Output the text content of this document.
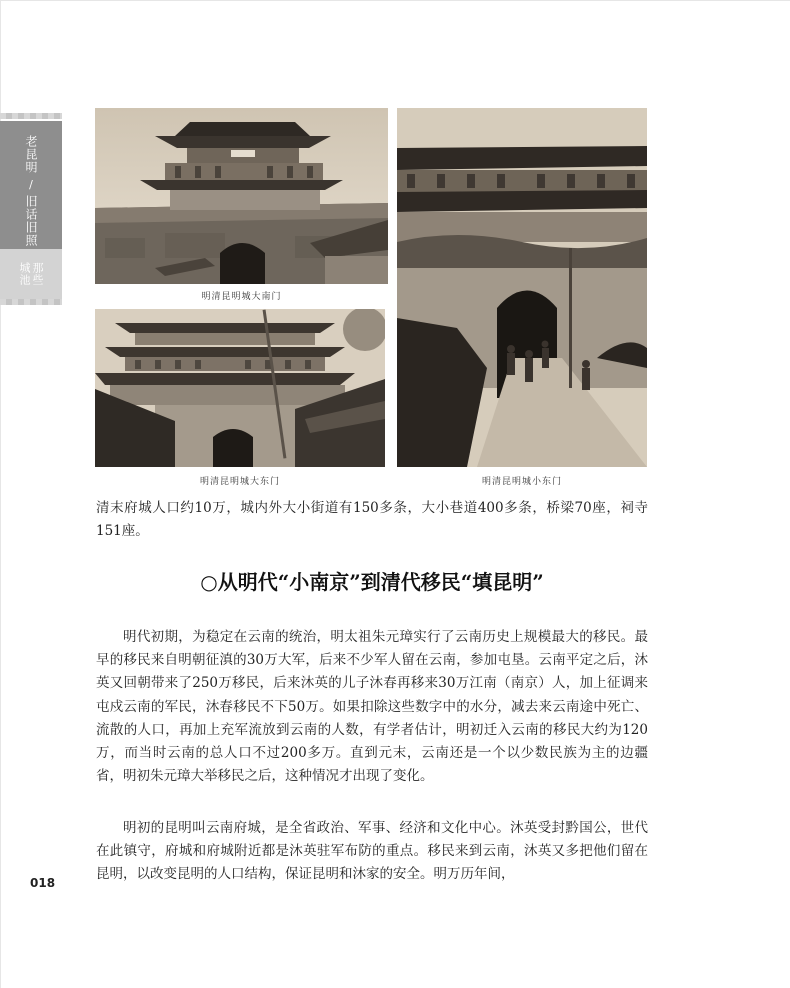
老昆明
/
旧话旧照
那些
城池
明清昆明城大南门
明清昆明城大东门	明清昆明城小东门
清末府城人口约10万，城内外大小街道有150多条，大小巷道400多条，桥梁70座，祠寺151座。
○从明代“小南京”到清代移民“填昆明”
明代初期，为稳定在云南的统治，明太祖朱元璋实行了云南历史上规模最大的移民。最早的移民来自明朝征滇的30万大军，后来不少军人留在云南，参加屯垦。云南平定之后，沐英又回朝带来了250万移民，后来沐英的儿子沐春再移来30万江南（南京）人，加上征调来屯戍云南的军民，沐春移民不下50万。如果扣除这些数字中的水分，减去来云南途中死亡、流散的人口，再加上充军流放到云南的人数，有学者估计，明初迁入云南的移民大约为120万，而当时云南的总人口不过200多万。直到元末，云南还是一个以少数民族为主的边疆省，明初朱元璋大举移民之后，这种情况才出现了变化。
明初的昆明叫云南府城，是全省政治、军事、经济和文化中心。沐英受封黔国公，世代在此镇守，府城和府城附近都是沐英驻军布防的重点。移民来到云南，沐英又多把他们留在昆明，以改变昆明的人口结构，保证昆明和沐家的安全。明万历年间，
018
